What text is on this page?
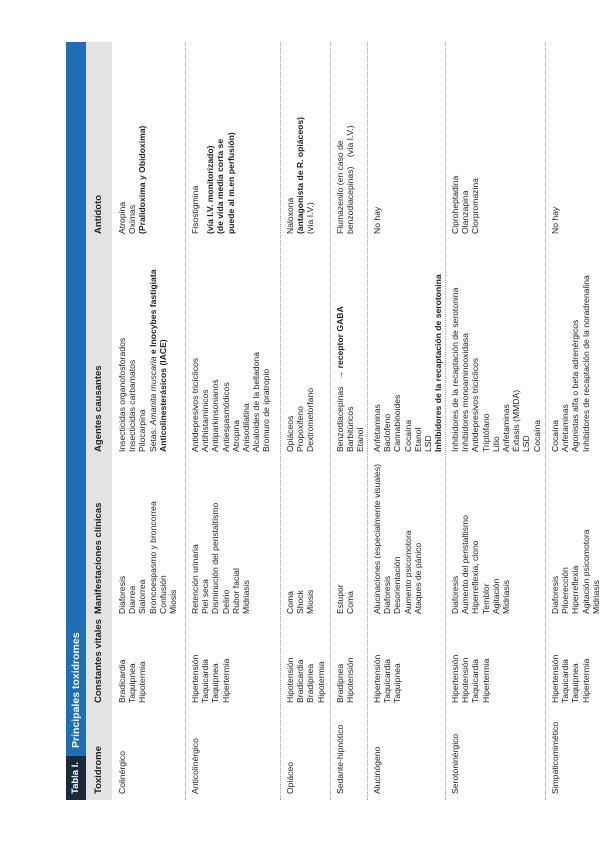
Tabla I.
Principales toxidromes
Toxidrome
Constantes vitales
Manifestaciones clínicas
Agentes causantes
Antídoto
Colinérgico
Bradicardia Taquipnea Hipotermia
Diaforesis Diarrea Sialorrea Broncoespasmo y broncorrea Confusión Miosis
Insecticidas organofosforados Insecticidas carbamatos Pilocarpina Setas: Amanita muscaria e Inocybes fastigiata
Anticolinesterásicos (IACE)
Atropina Oximas (Pralidoxima y Obidoxima)
Anticolinérgico
Hipertensión Taquicardia Taquipnea Hipertermia
Retención urinaria Piel seca Disminución del peristaltismo Delirio Rubor facial Midriasis
Antidepresivos tricíclicos Antihistamínicos Antiparkinsonianos Antiespasmódicos Atropina Anisodilatina Alcaloides de la belladona Bromuro de ipratropio
Fisostigmina (vía I.V. monitorizado) (de vida media corta se puede al m.en perfusión)
Opiáceo
Hipotensión Bradicardia Bradipnea Hipotermia
Coma Shock Miosis
Opiáceos Propoxifeno Dextrometorfano
Naloxona (antagonista de R. opiáceos) (vía I.V.)
Sedante-hipnótico
Bradipnea Hipotensión
Estupor Coma
Benzodiacepinas   → receptor GABA
Barbitúricos Etanol
Flumazenilo (en caso de benzodiacepinas)    (vía I.V.)
Alucinógeno
Hipertensión Taquicardia Taquipnea
Alucinaciones (especialmente visuales) Diaforesis Desorientación Aumento psicomotora Ataques de pánico
Anfetaminas Baclofeno Cannabinoides Cocaína Etanol LSD Inhibidores de la recaptación de serotonina
No hay
Serotoninérgico
Hipertensión Hipotensión Taquicardia Hipertermia
Diaforesis Aumento del peristaltismo Hiperreflexia, clono Temblor Agitación Midriasis
Inhibidores de la recaptación de serotonina Inhibidores monoaminooxidasa Antidepresivos tricíclicos Triptófano Litio Anfetaminas Éxtasis (MMDA) LSD Cocaína
Ciproheptadina Olanzapina Clorpromazina
Simpaticomimético
Hipertensión Taquicardia Taquipnea Hipertermia
Diaforesis Piloerección Hiperreflexia Agitación psicomotora Midriasis
Cocaína Anfetaminas Agonistas alfa o beta adrenérgicos Inhibidores de recaptación de la noradrenalina
No hay
